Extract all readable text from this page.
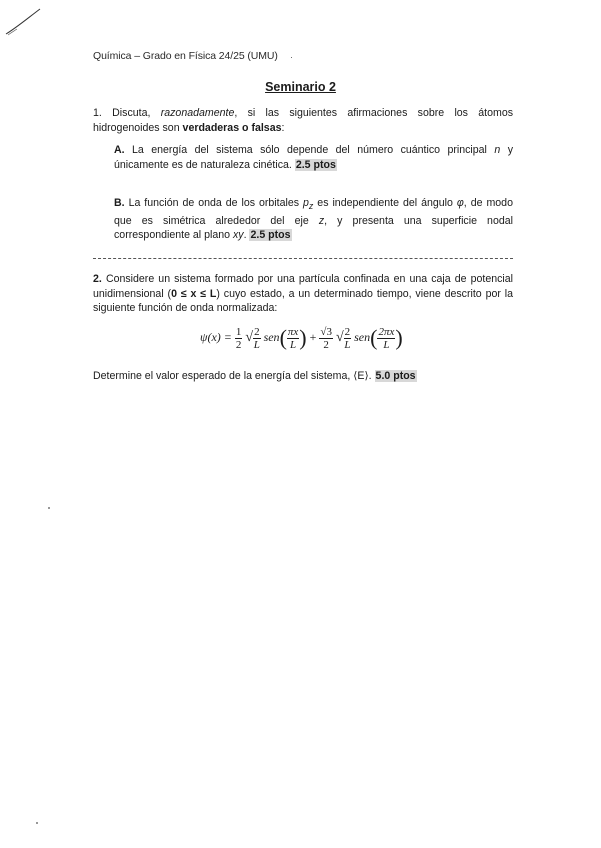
Química – Grado en Física 24/25 (UMU) ·
Seminario 2
1. Discuta, razonadamente, si las siguientes afirmaciones sobre los átomos hidrogenoides son verdaderas o falsas:
A. La energía del sistema sólo depende del número cuántico principal n y únicamente es de naturaleza cinética. 2.5 ptos
B. La función de onda de los orbitales $p_z$ es independiente del ángulo φ, de modo que es simétrica alrededor del eje z, y presenta una superficie nodal correspondiente al plano xy. 2.5 ptos
2. Considere un sistema formado por una partícula confinada en una caja de potencial unidimensional (0 ≤ x ≤ L) cuyo estado, a un determinado tiempo, viene descrito por la siguiente función de onda normalizada:
$\psi(x) = \frac{1}{2}$ √ $\frac{2}{L} sen( \frac{\pi x}{L}$ ) + $\frac{√3}{2}$ √ $\frac{2}{L} sen( \frac{2\pi x}{L}$ )
Determine el valor esperado de la energía del sistema, ⟨E⟩. 5.0 ptos
